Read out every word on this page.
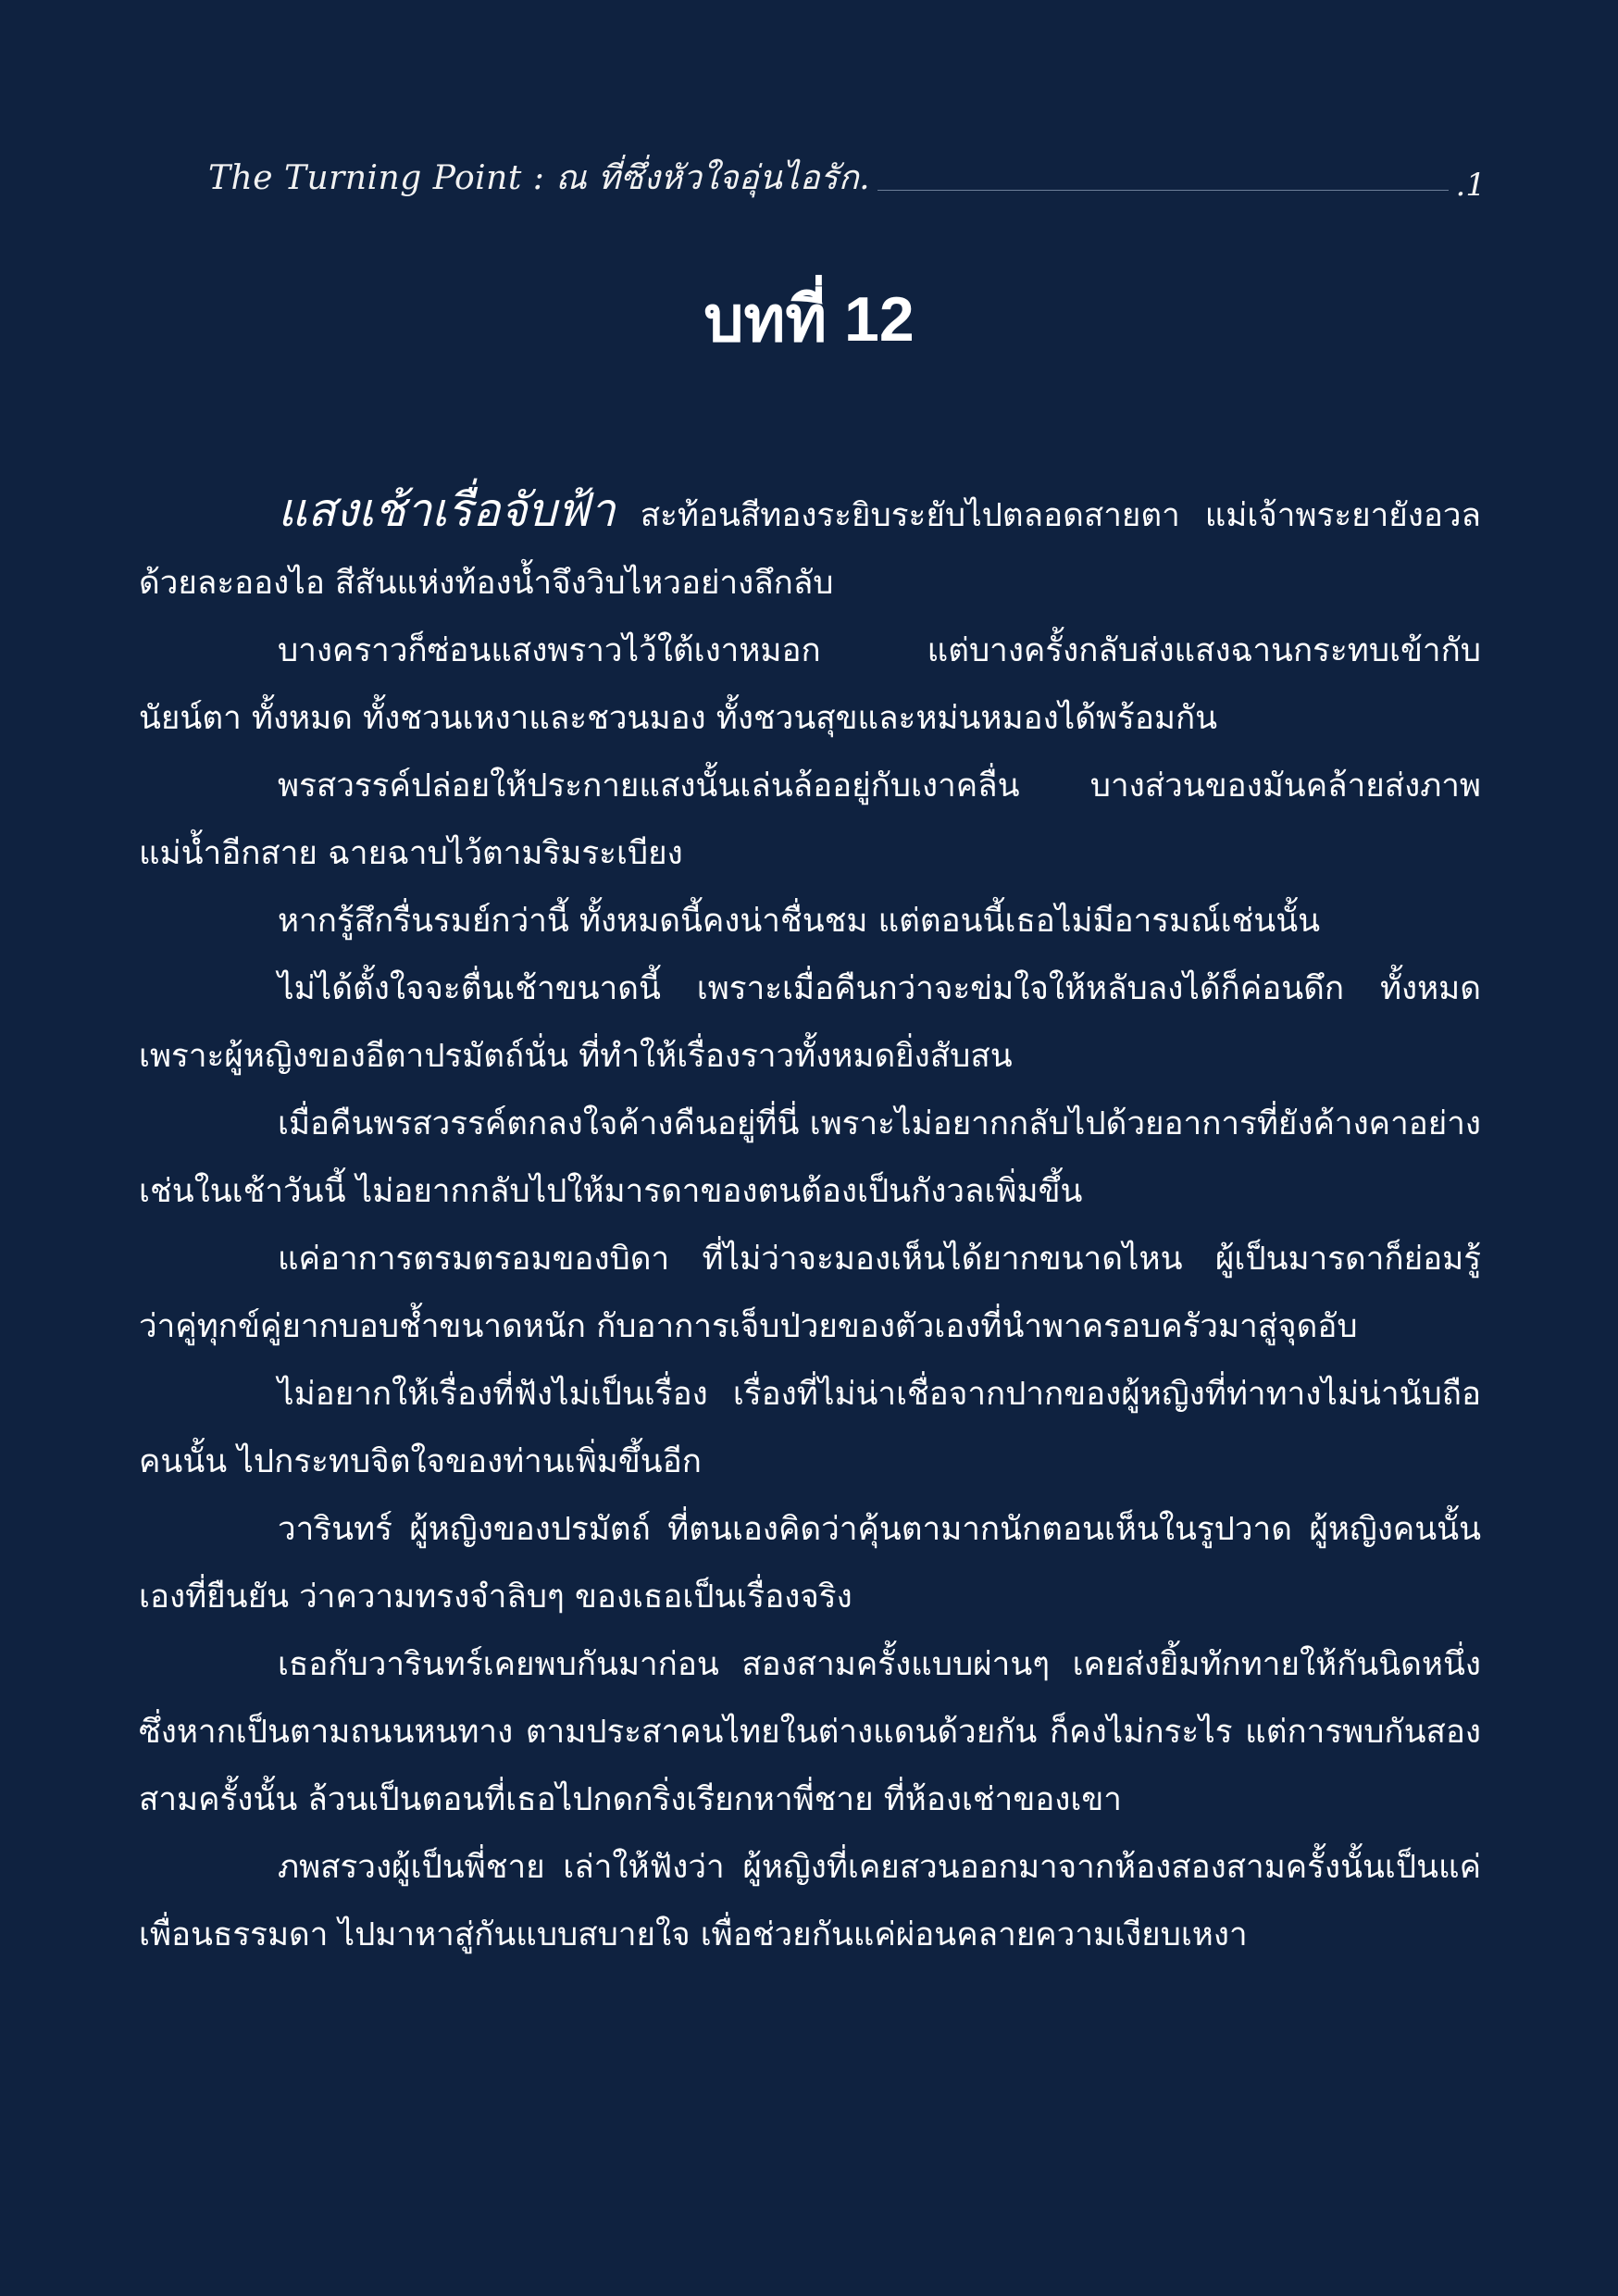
The Turning Point : ณ ที่ซึ่งหัวใจอุ่นไอรัก.	.1
บทที่ 12

แสงเช้าเรื่อจับฟ้า สะท้อนสีทองระยิบระยับไปตลอดสายตา แม่เจ้าพระยายังอวลด้วยละอองไอ สีสันแห่งท้องน้ำจึงวิบไหวอย่างลึกลับ

บางคราวก็ซ่อนแสงพราวไว้ใต้เงาหมอก แต่บางครั้งกลับส่งแสงฉานกระทบเข้ากับนัยน์ตา ทั้งหมด ทั้งชวนเหงาและชวนมอง ทั้งชวนสุขและหม่นหมองได้พร้อมกัน

พรสวรรค์ปล่อยให้ประกายแสงนั้นเล่นล้ออยู่กับเงาคลื่น บางส่วนของมันคล้ายส่งภาพแม่น้ำอีกสาย ฉายฉาบไว้ตามริมระเบียง

หากรู้สึกรื่นรมย์กว่านี้ ทั้งหมดนี้คงน่าชื่นชม แต่ตอนนี้เธอไม่มีอารมณ์เช่นนั้น

ไม่ได้ตั้งใจจะตื่นเช้าขนาดนี้ เพราะเมื่อคืนกว่าจะข่มใจให้หลับลงได้ก็ค่อนดึก ทั้งหมดเพราะผู้หญิงของอีตาปรมัตถ์นั่น ที่ทำให้เรื่องราวทั้งหมดยิ่งสับสน

เมื่อคืนพรสวรรค์ตกลงใจค้างคืนอยู่ที่นี่ เพราะไม่อยากกลับไปด้วยอาการที่ยังค้างคาอย่างเช่นในเช้าวันนี้ ไม่อยากกลับไปให้มารดาของตนต้องเป็นกังวลเพิ่มขึ้น

แค่อาการตรมตรอมของบิดา ที่ไม่ว่าจะมองเห็นได้ยากขนาดไหน ผู้เป็นมารดาก็ย่อมรู้ ว่าคู่ทุกข์คู่ยากบอบช้ำขนาดหนัก กับอาการเจ็บป่วยของตัวเองที่นำพาครอบครัวมาสู่จุดอับ

ไม่อยากให้เรื่องที่ฟังไม่เป็นเรื่อง เรื่องที่ไม่น่าเชื่อจากปากของผู้หญิงที่ท่าทางไม่น่านับถือคนนั้น ไปกระทบจิตใจของท่านเพิ่มขึ้นอีก

วารินทร์ ผู้หญิงของปรมัตถ์ ที่ตนเองคิดว่าคุ้นตามากนักตอนเห็นในรูปวาด ผู้หญิงคนนั้นเองที่ยืนยัน ว่าความทรงจำลิบๆ ของเธอเป็นเรื่องจริง

เธอกับวารินทร์เคยพบกันมาก่อน สองสามครั้งแบบผ่านๆ เคยส่งยิ้มทักทายให้กันนิดหนึ่ง ซึ่งหากเป็นตามถนนหนทาง ตามประสาคนไทยในต่างแดนด้วยกัน ก็คงไม่กระไร แต่การพบกันสองสามครั้งนั้น ล้วนเป็นตอนที่เธอไปกดกริ่งเรียกหาพี่ชาย ที่ห้องเช่าของเขา

ภพสรวงผู้เป็นพี่ชาย เล่าให้ฟังว่า ผู้หญิงที่เคยสวนออกมาจากห้องสองสามครั้งนั้นเป็นแค่เพื่อนธรรมดา ไปมาหาสู่กันแบบสบายใจ เพื่อช่วยกันแค่ผ่อนคลายความเงียบเหงา
